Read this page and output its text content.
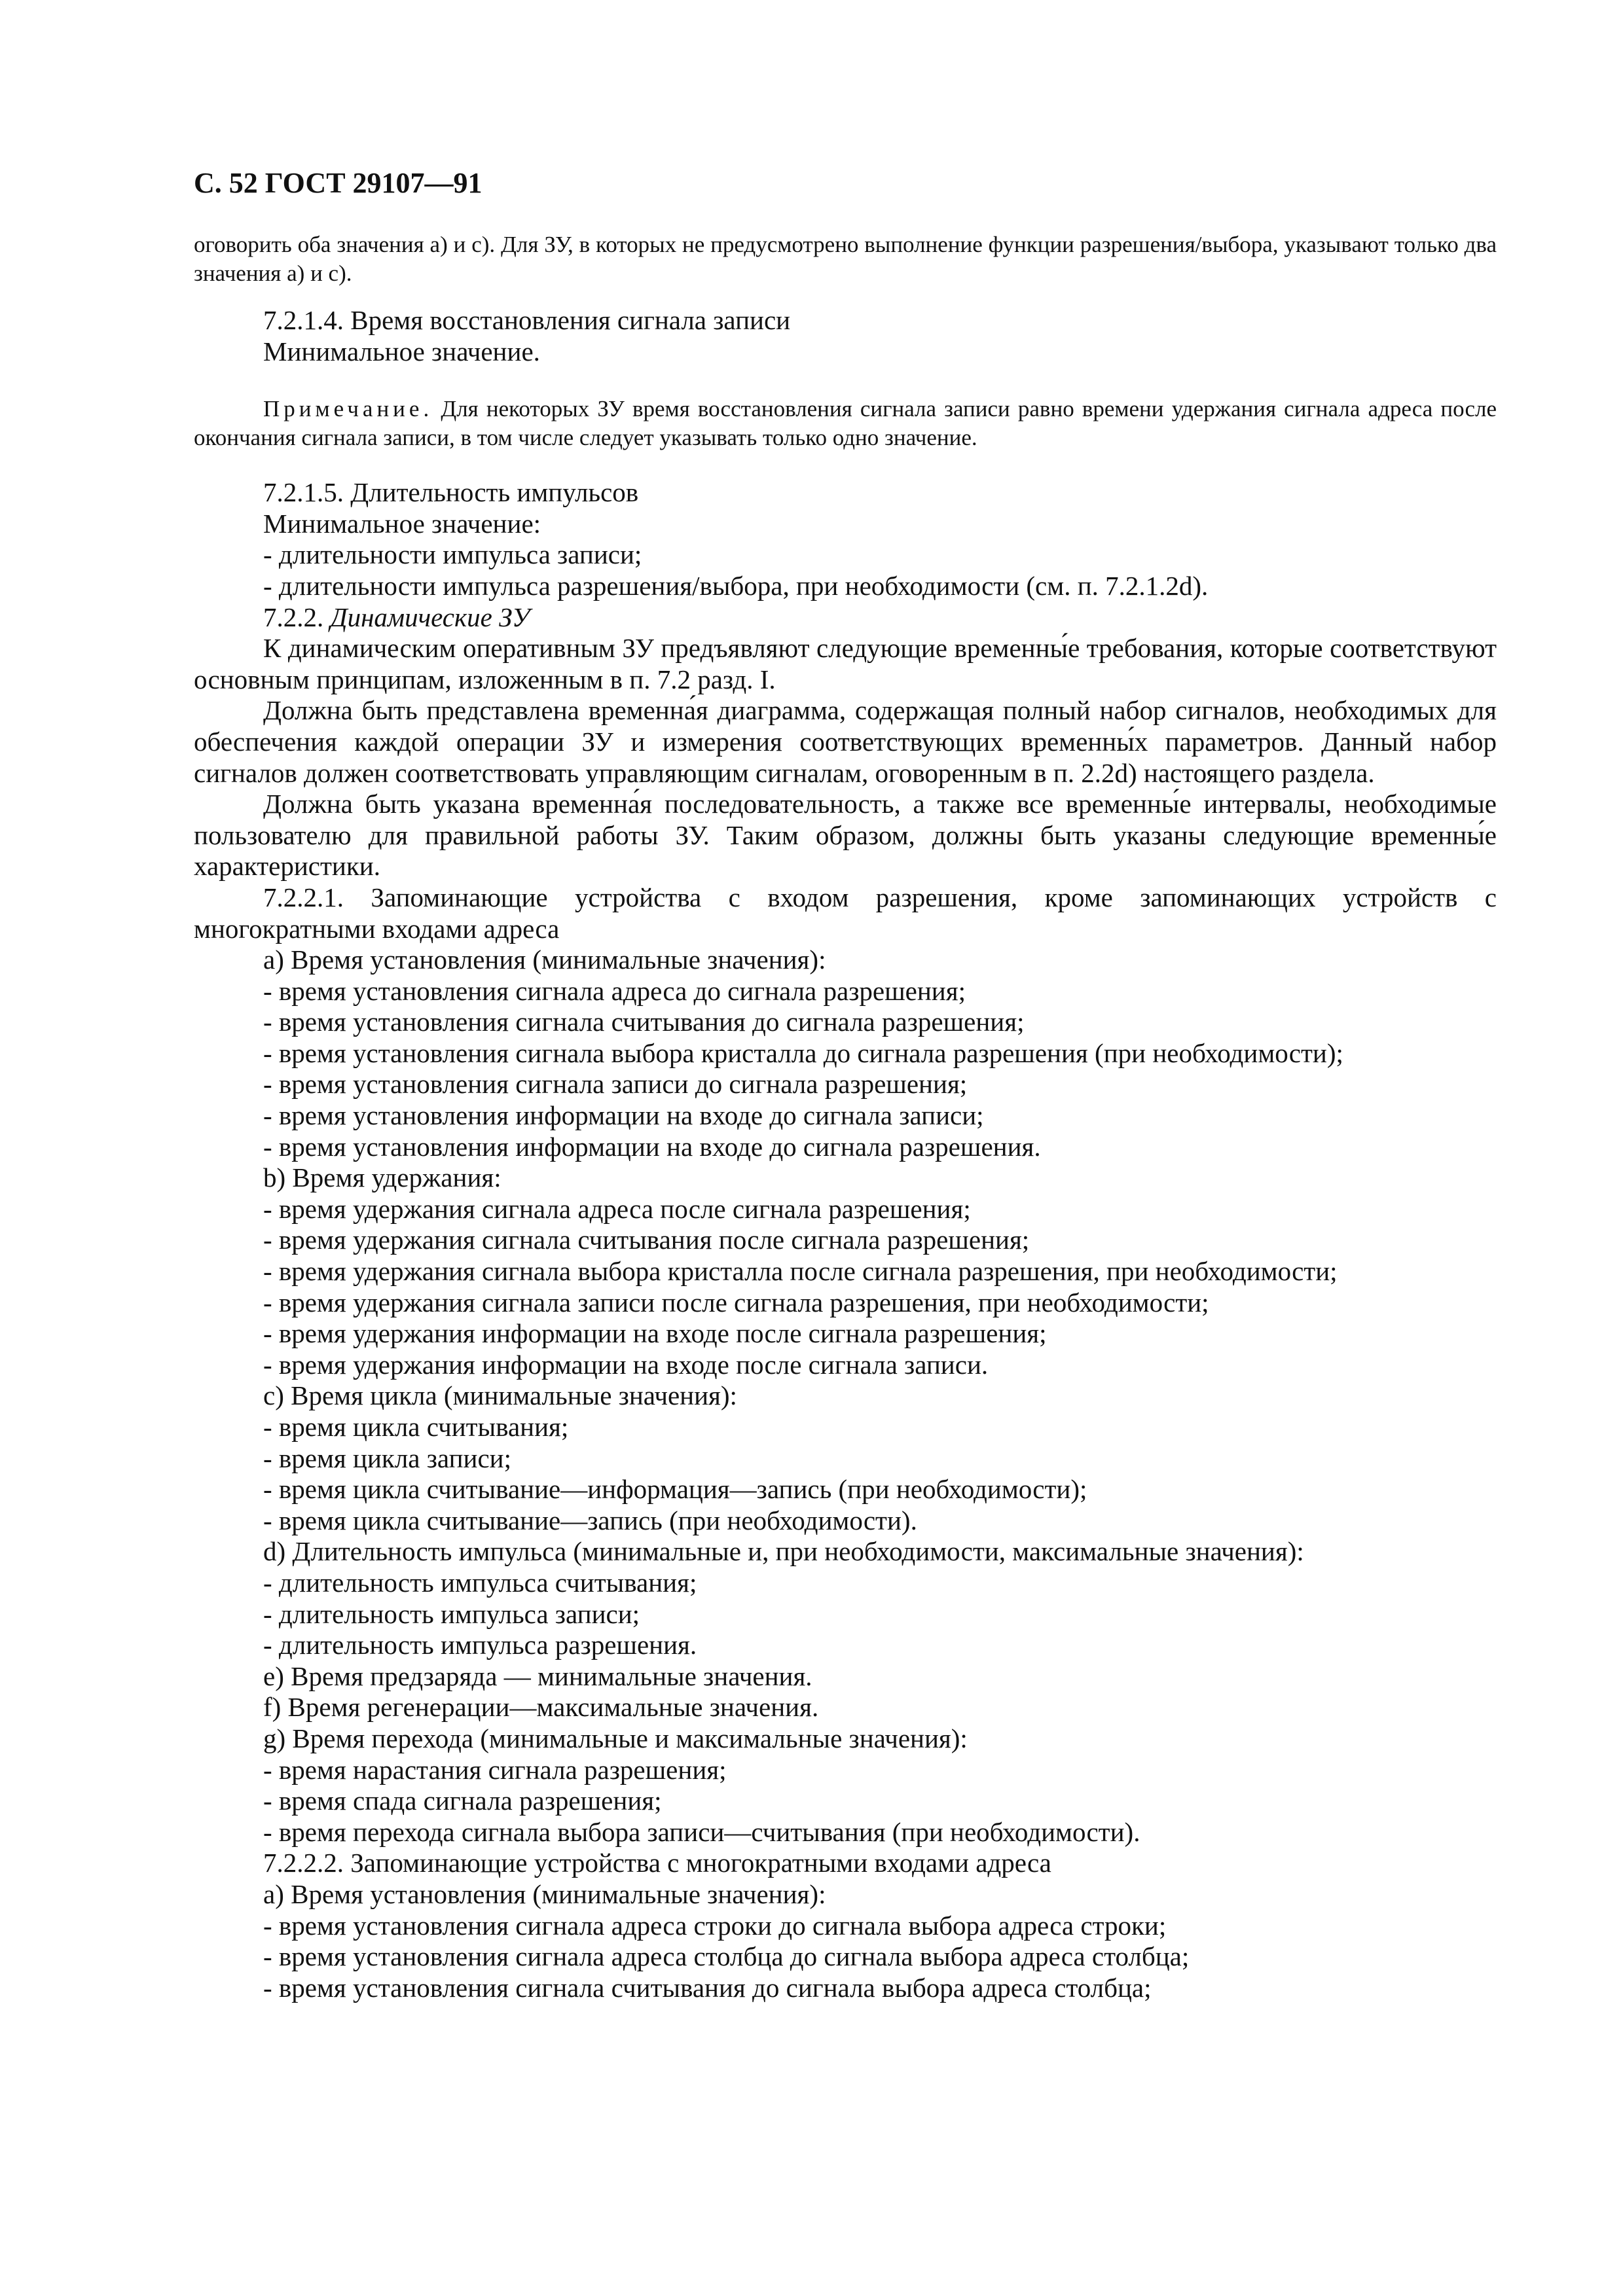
С. 52 ГОСТ 29107—91

оговорить оба значения а) и с). Для ЗУ, в которых не предусмотрено выполнение функции разрешения/выбора, указывают только два значения а) и с).

7.2.1.4. Время восстановления сигнала записи

Минимальное значение.

Примечание. Для некоторых ЗУ время восстановления сигнала записи равно времени удержания сигнала адреса после окончания сигнала записи, в том числе следует указывать только одно значение.

7.2.1.5. Длительность импульсов

Минимальное значение:

- длительности импульса записи;

- длительности импульса разрешения/выбора, при необходимости (см. п. 7.2.1.2d).

7.2.2. Динамические ЗУ

К динамическим оперативным ЗУ предъявляют следующие временны́е требования, которые соответствуют основным принципам, изложенным в п. 7.2 разд. I.

Должна быть представлена временна́я диаграмма, содержащая полный набор сигналов, необходимых для обеспечения каждой операции ЗУ и измерения соответствующих временны́х параметров. Данный набор сигналов должен соответствовать управляющим сигналам, оговоренным в п. 2.2d) настоящего раздела.

Должна быть указана временна́я последовательность, а также все временны́е интервалы, необходимые пользователю для правильной работы ЗУ. Таким образом, должны быть указаны следующие временны́е характеристики.

7.2.2.1. Запоминающие устройства с входом разрешения, кроме запоминающих устройств с многократными входами адреса

a) Время установления (минимальные значения):

- время установления сигнала адреса до сигнала разрешения;

- время установления сигнала считывания до сигнала разрешения;

- время установления сигнала выбора кристалла до сигнала разрешения (при необходимости);

- время установления сигнала записи до сигнала разрешения;

- время установления информации на входе до сигнала записи;

- время установления информации на входе до сигнала разрешения.

b) Время удержания:

- время удержания сигнала адреса после сигнала разрешения;

- время удержания сигнала считывания после сигнала разрешения;

- время удержания сигнала выбора кристалла после сигнала разрешения, при необходимости;

- время удержания сигнала записи после сигнала разрешения, при необходимости;

- время удержания информации на входе после сигнала разрешения;

- время удержания информации на входе после сигнала записи.

c) Время цикла (минимальные значения):

- время цикла считывания;

- время цикла записи;

- время цикла считывание—информация—запись (при необходимости);

- время цикла считывание—запись (при необходимости).

d) Длительность импульса (минимальные и, при необходимости, максимальные значения):

- длительность импульса считывания;

- длительность импульса записи;

- длительность импульса разрешения.

e) Время предзаряда — минимальные значения.

f) Время регенерации—максимальные значения.

g) Время перехода (минимальные и максимальные значения):

- время нарастания сигнала разрешения;

- время спада сигнала разрешения;

- время перехода сигнала выбора записи—считывания (при необходимости).

7.2.2.2. Запоминающие устройства с многократными входами адреса

a) Время установления (минимальные значения):

- время установления сигнала адреса строки до сигнала выбора адреса строки;

- время установления сигнала адреса столбца до сигнала выбора адреса столбца;

- время установления сигнала считывания до сигнала выбора адреса столбца;
